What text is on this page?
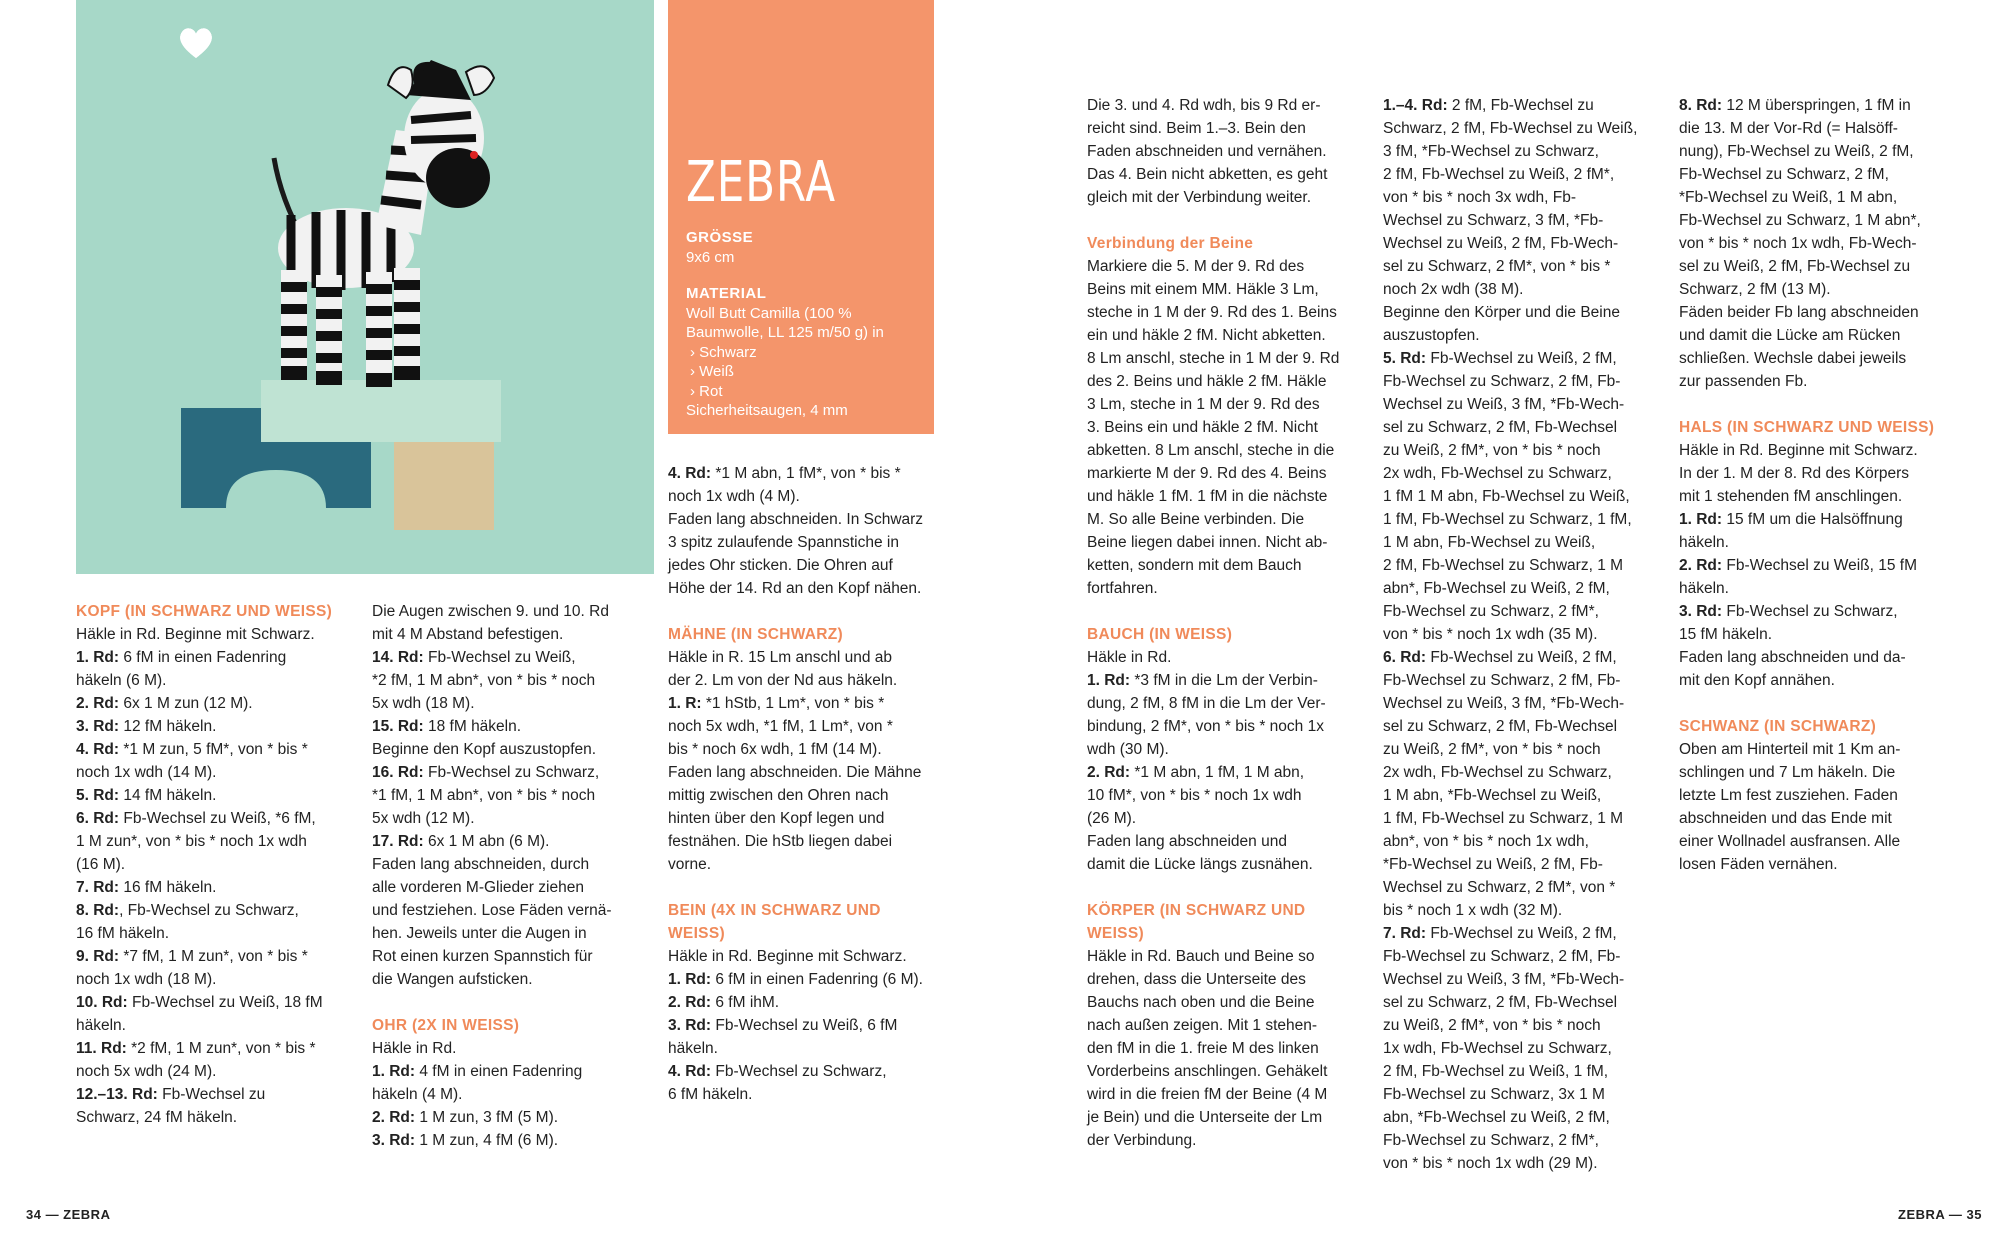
ZEBRA
GRÖSSE
9x6 cm
MATERIAL
Woll Butt Camilla (100 %
Baumwolle, LL 125 m/50 g) in
› Schwarz
› Weiß
› Rot
Sicherheitsaugen, 4 mm

KOPF (IN SCHWARZ UND WEISS)

Häkle in Rd. Beginne mit Schwarz.

1. Rd: 6 fM in einen Fadenring

häkeln (6 M).

2. Rd: 6x 1 M zun (12 M).

3. Rd: 12 fM häkeln.

4. Rd: *1 M zun, 5 fM*, von * bis *

noch 1x wdh (14 M).

5. Rd: 14 fM häkeln.

6. Rd: Fb-Wechsel zu Weiß, *6 fM,

1 M zun*, von * bis * noch 1x wdh

(16 M).

7. Rd: 16 fM häkeln.

8. Rd:, Fb-Wechsel zu Schwarz,

16 fM häkeln.

9. Rd: *7 fM, 1 M zun*, von * bis *

noch 1x wdh (18 M).

10. Rd: Fb-Wechsel zu Weiß, 18 fM

häkeln.

11. Rd: *2 fM, 1 M zun*, von * bis *

noch 5x wdh (24 M).

12.–13. Rd: Fb-Wechsel zu

Schwarz, 24 fM häkeln.

Die Augen zwischen 9. und 10. Rd

mit 4 M Abstand befestigen.

14. Rd: Fb-Wechsel zu Weiß,

*2 fM, 1 M abn*, von * bis * noch

5x wdh (18 M).

15. Rd: 18 fM häkeln.

Beginne den Kopf auszustopfen.

16. Rd: Fb-Wechsel zu Schwarz,

*1 fM, 1 M abn*, von * bis * noch

5x wdh (12 M).

17. Rd: 6x 1 M abn (6 M).

Faden lang abschneiden, durch

alle vorderen M-Glieder ziehen

und festziehen. Lose Fäden vernä-

hen. Jeweils unter die Augen in

Rot einen kurzen Spannstich für

die Wangen aufsticken.

OHR (2X IN WEISS)

Häkle in Rd.

1. Rd: 4 fM in einen Fadenring

häkeln (4 M).

2. Rd: 1 M zun, 3 fM (5 M).

3. Rd: 1 M zun, 4 fM (6 M).

4. Rd: *1 M abn, 1 fM*, von * bis *

noch 1x wdh (4 M).

Faden lang abschneiden. In Schwarz

3 spitz zulaufende Spannstiche in

jedes Ohr sticken. Die Ohren auf

Höhe der 14. Rd an den Kopf nähen.

MÄHNE (IN SCHWARZ)

Häkle in R. 15 Lm anschl und ab

der 2. Lm von der Nd aus häkeln.

1. R: *1 hStb, 1 Lm*, von * bis *

noch 5x wdh, *1 fM, 1 Lm*, von *

bis * noch 6x wdh, 1 fM (14 M).

Faden lang abschneiden. Die Mähne

mittig zwischen den Ohren nach

hinten über den Kopf legen und

festnähen. Die hStb liegen dabei

vorne.

BEIN (4X IN SCHWARZ UND

WEISS)

Häkle in Rd. Beginne mit Schwarz.

1. Rd: 6 fM in einen Fadenring (6 M).

2. Rd: 6 fM ihM.

3. Rd: Fb-Wechsel zu Weiß, 6 fM

häkeln.

4. Rd: Fb-Wechsel zu Schwarz,

6 fM häkeln.

Die 3. und 4. Rd wdh, bis 9 Rd er-

reicht sind. Beim 1.–3. Bein den

Faden abschneiden und vernähen.

Das 4. Bein nicht abketten, es geht

gleich mit der Verbindung weiter.

Verbindung der Beine

Markiere die 5. M der 9. Rd des

Beins mit einem MM. Häkle 3 Lm,

steche in 1 M der 9. Rd des 1. Beins

ein und häkle 2 fM. Nicht abketten.

8 Lm anschl, steche in 1 M der 9. Rd

des 2. Beins und häkle 2 fM. Häkle

3 Lm, steche in 1 M der 9. Rd des

3. Beins ein und häkle 2 fM. Nicht

abketten. 8 Lm anschl, steche in die

markierte M der 9. Rd des 4. Beins

und häkle 1 fM. 1 fM in die nächste

M. So alle Beine verbinden. Die

Beine liegen dabei innen. Nicht ab-

ketten, sondern mit dem Bauch

fortfahren.

BAUCH (IN WEISS)

Häkle in Rd.

1. Rd: *3 fM in die Lm der Verbin-

dung, 2 fM, 8 fM in die Lm der Ver-

bindung, 2 fM*, von * bis * noch 1x

wdh (30 M).

2. Rd: *1 M abn, 1 fM, 1 M abn,

10 fM*, von * bis * noch 1x wdh

(26 M).

Faden lang abschneiden und

damit die Lücke längs zusnähen.

KÖRPER (IN SCHWARZ UND

WEISS)

Häkle in Rd. Bauch und Beine so

drehen, dass die Unterseite des

Bauchs nach oben und die Beine

nach außen zeigen. Mit 1 stehen-

den fM in die 1. freie M des linken

Vorderbeins anschlingen. Gehäkelt

wird in die freien fM der Beine (4 M

je Bein) und die Unterseite der Lm

der Verbindung.

1.–4. Rd: 2 fM, Fb-Wechsel zu

Schwarz, 2 fM, Fb-Wechsel zu Weiß,

3 fM, *Fb-Wechsel zu Schwarz,

2 fM, Fb-Wechsel zu Weiß, 2 fM*,

von * bis * noch 3x wdh, Fb-

Wechsel zu Schwarz, 3 fM, *Fb-

Wechsel zu Weiß, 2 fM, Fb-Wech-

sel zu Schwarz, 2 fM*, von * bis *

noch 2x wdh (38 M).

Beginne den Körper und die Beine

auszustopfen.

5. Rd: Fb-Wechsel zu Weiß, 2 fM,

Fb-Wechsel zu Schwarz, 2 fM, Fb-

Wechsel zu Weiß, 3 fM, *Fb-Wech-

sel zu Schwarz, 2 fM, Fb-Wechsel

zu Weiß, 2 fM*, von * bis * noch

2x wdh, Fb-Wechsel zu Schwarz,

1 fM 1 M abn, Fb-Wechsel zu Weiß,

1 fM, Fb-Wechsel zu Schwarz, 1 fM,

1 M abn, Fb-Wechsel zu Weiß,

2 fM, Fb-Wechsel zu Schwarz, 1 M

abn*, Fb-Wechsel zu Weiß, 2 fM,

Fb-Wechsel zu Schwarz, 2 fM*,

von * bis * noch 1x wdh (35 M).

6. Rd: Fb-Wechsel zu Weiß, 2 fM,

Fb-Wechsel zu Schwarz, 2 fM, Fb-

Wechsel zu Weiß, 3 fM, *Fb-Wech-

sel zu Schwarz, 2 fM, Fb-Wechsel

zu Weiß, 2 fM*, von * bis * noch

2x wdh, Fb-Wechsel zu Schwarz,

1 M abn, *Fb-Wechsel zu Weiß,

1 fM, Fb-Wechsel zu Schwarz, 1 M

abn*, von * bis * noch 1x wdh,

*Fb-Wechsel zu Weiß, 2 fM, Fb-

Wechsel zu Schwarz, 2 fM*, von *

bis * noch 1 x wdh (32 M).

7. Rd: Fb-Wechsel zu Weiß, 2 fM,

Fb-Wechsel zu Schwarz, 2 fM, Fb-

Wechsel zu Weiß, 3 fM, *Fb-Wech-

sel zu Schwarz, 2 fM, Fb-Wechsel

zu Weiß, 2 fM*, von * bis * noch

1x wdh, Fb-Wechsel zu Schwarz,

2 fM, Fb-Wechsel zu Weiß, 1 fM,

Fb-Wechsel zu Schwarz, 3x 1 M

abn, *Fb-Wechsel zu Weiß, 2 fM,

Fb-Wechsel zu Schwarz, 2 fM*,

von * bis * noch 1x wdh (29 M).

8. Rd: 12 M überspringen, 1 fM in

die 13. M der Vor-Rd (= Halsöff-

nung), Fb-Wechsel zu Weiß, 2 fM,

Fb-Wechsel zu Schwarz, 2 fM,

*Fb-Wechsel zu Weiß, 1 M abn,

Fb-Wechsel zu Schwarz, 1 M abn*,

von * bis * noch 1x wdh, Fb-Wech-

sel zu Weiß, 2 fM, Fb-Wechsel zu

Schwarz, 2 fM (13 M).

Fäden beider Fb lang abschneiden

und damit die Lücke am Rücken

schließen. Wechsle dabei jeweils

zur passenden Fb.

HALS (IN SCHWARZ UND WEISS)

Häkle in Rd. Beginne mit Schwarz.

In der 1. M der 8. Rd des Körpers

mit 1 stehenden fM anschlingen.

1. Rd: 15 fM um die Halsöffnung

häkeln.

2. Rd: Fb-Wechsel zu Weiß, 15 fM

häkeln.

3. Rd: Fb-Wechsel zu Schwarz,

15 fM häkeln.

Faden lang abschneiden und da-

mit den Kopf annähen.

SCHWANZ (IN SCHWARZ)

Oben am Hinterteil mit 1 Km an-

schlingen und 7 Lm häkeln. Die

letzte Lm fest zusziehen. Faden

abschneiden und das Ende mit

einer Wollnadel ausfransen. Alle

losen Fäden vernähen.

34 — ZEBRA	ZEBRA — 35
